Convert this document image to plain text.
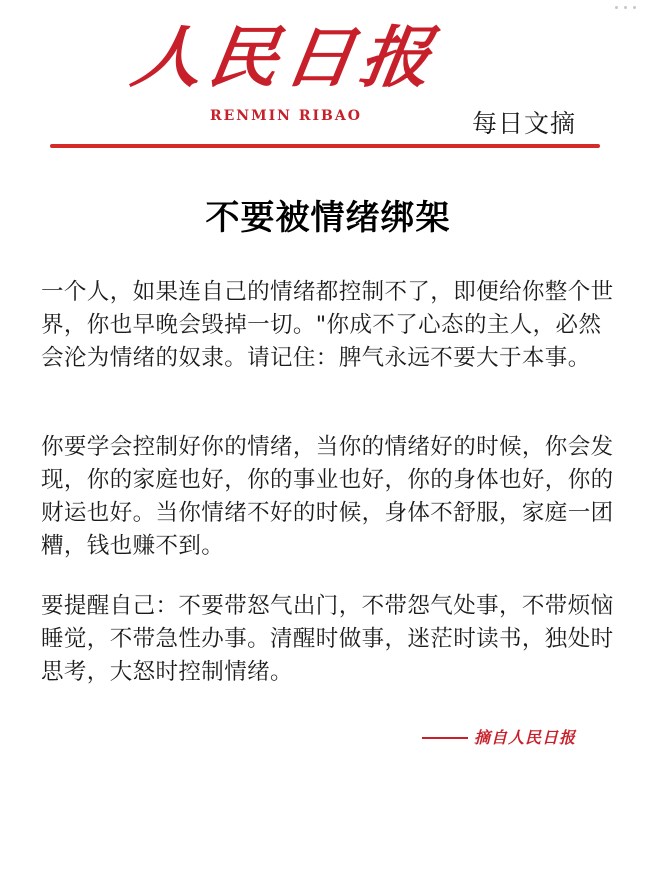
人民日报
RENMIN RIBAO	每日文摘
不要被情绪绑架

一个人，如果连自己的情绪都控制不了，即便给你整个世界，你也早晚会毁掉一切。"你成不了心态的主人，必然会沦为情绪的奴隶。请记住：脾气永远不要大于本事。

你要学会控制好你的情绪，当你的情绪好的时候，你会发现，你的家庭也好，你的事业也好，你的身体也好，你的财运也好。当你情绪不好的时候，身体不舒服，家庭一团糟，钱也赚不到。

要提醒自己：不要带怒气出门，不带怨气处事，不带烦恼睡觉，不带急性办事。清醒时做事，迷茫时读书，独处时思考，大怒时控制情绪。

摘自人民日报
